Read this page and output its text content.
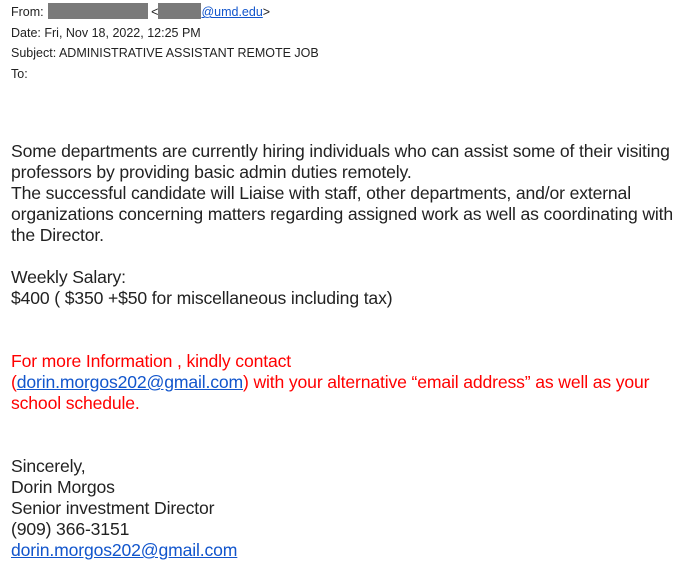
From:	<	@umd.edu>
Date: Fri, Nov 18, 2022, 12:25 PM
Subject: ADMINISTRATIVE ASSISTANT REMOTE JOB
To:

Some departments are currently hiring individuals who can assist some of their visiting professors by providing basic admin duties remotely.

The successful candidate will Liaise with staff, other departments, and/or external organizations concerning matters regarding assigned work as well as coordinating with the Director.

Weekly Salary:

$400 ( $350 +$50 for miscellaneous including tax)

For more Information , kindly contact

(dorin.morgos202@gmail.com) with your alternative “email address” as well as your school schedule.

Sincerely,

Dorin Morgos

Senior investment Director

(909) 366-3151

dorin.morgos202@gmail.com
